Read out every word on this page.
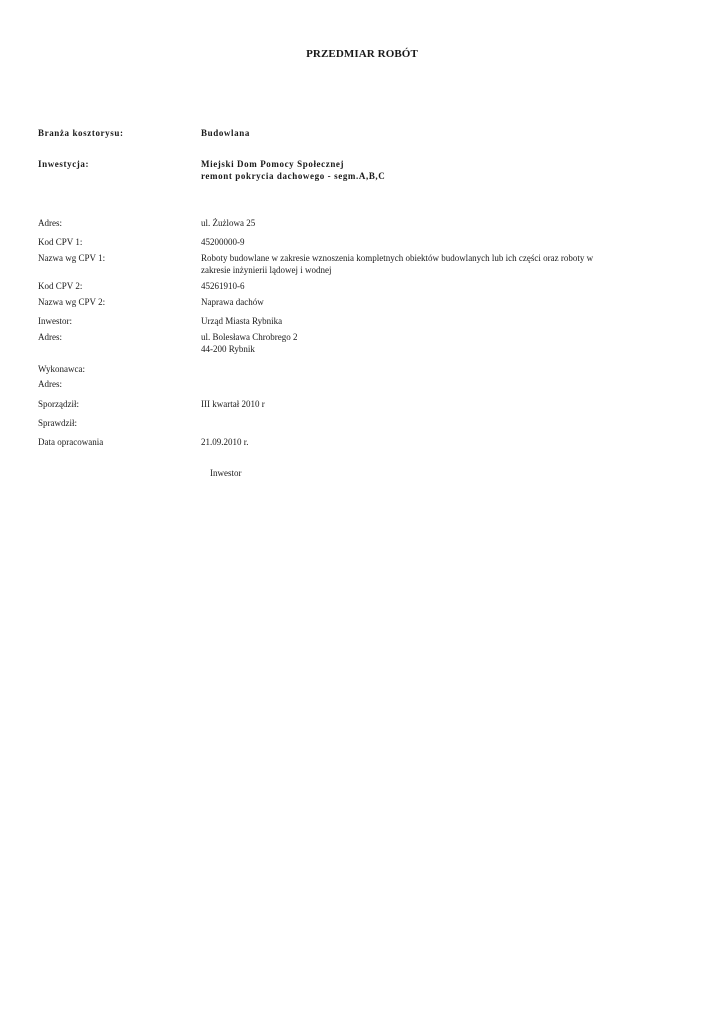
PRZEDMIAR ROBÓT
Branża kosztorysu:	Budowlana
Inwestycja:	Miejski Dom Pomocy Społecznej
remont pokrycia dachowego - segm.A,B,C
Adres:	ul. Żużlowa 25
Kod CPV 1:	45200000-9
Nazwa wg CPV 1:	Roboty budowlane w zakresie wznoszenia kompletnych obiektów budowlanych lub ich części oraz roboty w
zakresie inżynierii lądowej i wodnej
Kod CPV 2:	45261910-6
Nazwa wg CPV 2:	Naprawa dachów
Inwestor:	Urząd Miasta Rybnika
Adres:	ul. Bolesława Chrobrego 2
44-200 Rybnik
Wykonawca:
Adres:
Sporządził:	III kwartał 2010 r
Sprawdził:
Data opracowania	21.09.2010 r.
Inwestor
